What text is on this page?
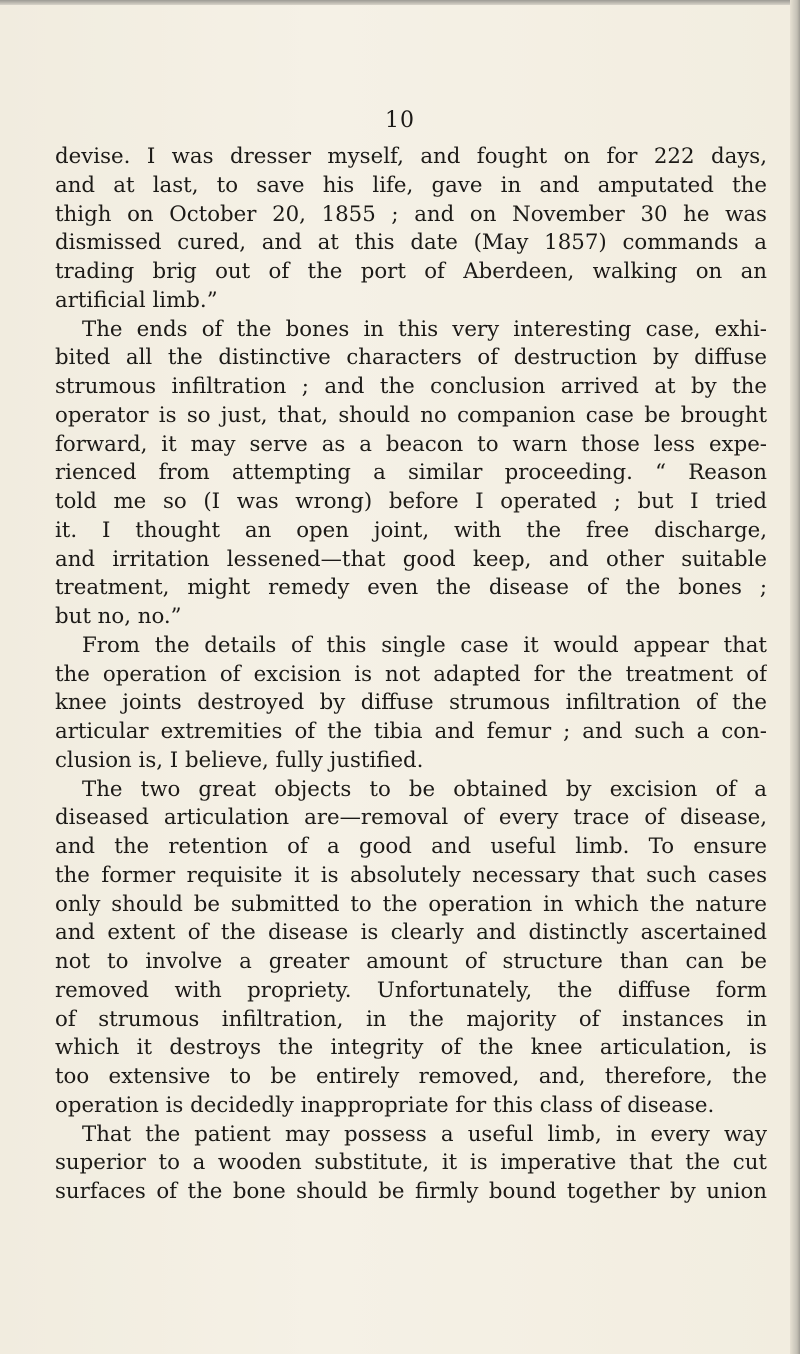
10
devise. I was dresser myself, and fought on for 222 days,
and at last, to save his life, gave in and amputated the
thigh on October 20, 1855 ; and on November 30 he was
dismissed cured, and at this date (May 1857) commands a
trading brig out of the port of Aberdeen, walking on an
artificial limb.”
The ends of the bones in this very interesting case, exhi-
bited all the distinctive characters of destruction by diffuse
strumous infiltration ; and the conclusion arrived at by the
operator is so just, that, should no companion case be brought
forward, it may serve as a beacon to warn those less expe-
rienced from attempting a similar proceeding. “ Reason
told me so (I was wrong) before I operated ; but I tried
it. I thought an open joint, with the free discharge,
and irritation lessened—that good keep, and other suitable
treatment, might remedy even the disease of the bones ;
but no, no.”
From the details of this single case it would appear that
the operation of excision is not adapted for the treatment of
knee joints destroyed by diffuse strumous infiltration of the
articular extremities of the tibia and femur ; and such a con-
clusion is, I believe, fully justified.
The two great objects to be obtained by excision of a
diseased articulation are—removal of every trace of disease,
and the retention of a good and useful limb. To ensure
the former requisite it is absolutely necessary that such cases
only should be submitted to the operation in which the nature
and extent of the disease is clearly and distinctly ascertained
not to involve a greater amount of structure than can be
removed with propriety. Unfortunately, the diffuse form
of strumous infiltration, in the majority of instances in
which it destroys the integrity of the knee articulation, is
too extensive to be entirely removed, and, therefore, the
operation is decidedly inappropriate for this class of disease.
That the patient may possess a useful limb, in every way
superior to a wooden substitute, it is imperative that the cut
surfaces of the bone should be firmly bound together by union
